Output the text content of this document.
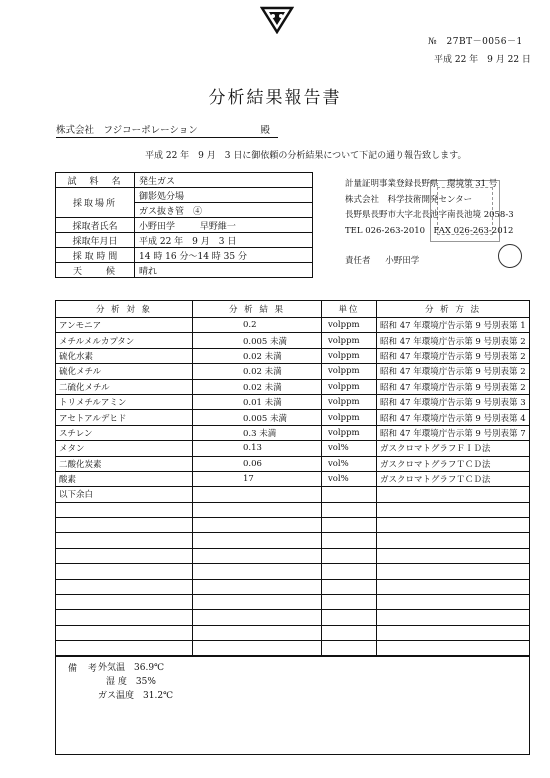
№　27BT－0056－1
平成 22 年　9 月 22 日
分析結果報告書
株式会社　フジコーポレーション	殿
平成 22 年　9 月　3 日に御依頼の分析結果について下記の通り報告致します。
試　料　名	発生ガス
採取場所	御影処分場
	ガス抜き管　④
採取者氏名	小野田学 早野維一
採取年月日	平成 22 年　9 月　3 日
採 取 時 間	14 時 16 分～14 時 35 分
天　　候	晴れ
計量証明事業登録長野県　環境第 31 号
株式会社　科学技術開発センター
長野県長野市大字北長池字南長池境 2058-3
TEL 026-263-2010　FAX 026-263-2012
責任者 小野田学
分 析 対 象	分 析 結 果	単位	分 析 方 法
アンモニア	0.2	volppm	昭和 47 年環境庁告示第 9 号別表第 1
メチルメルカプタン	0.005 未満	volppm	昭和 47 年環境庁告示第 9 号別表第 2
硫化水素	0.02 未満	volppm	昭和 47 年環境庁告示第 9 号別表第 2
硫化メチル	0.02 未満	volppm	昭和 47 年環境庁告示第 9 号別表第 2
二硫化メチル	0.02 未満	volppm	昭和 47 年環境庁告示第 9 号別表第 2
トリメチルアミン	0.01 未満	volppm	昭和 47 年環境庁告示第 9 号別表第 3
アセトアルデヒド	0.005 未満	volppm	昭和 47 年環境庁告示第 9 号別表第 4
スチレン	0.3 未満	volppm	昭和 47 年環境庁告示第 9 号別表第 7
メタン	0.13	vol%	ガスクロマトグラフＦＩＤ法
二酸化炭素	0.06	vol%	ガスクロマトグラフＴＣＤ法
酸素	17	vol%	ガスクロマトグラフＴＣＤ法
以下余白			

備 考
外気温　36.9℃
湿 度　35%
ガス温度　31.2℃
